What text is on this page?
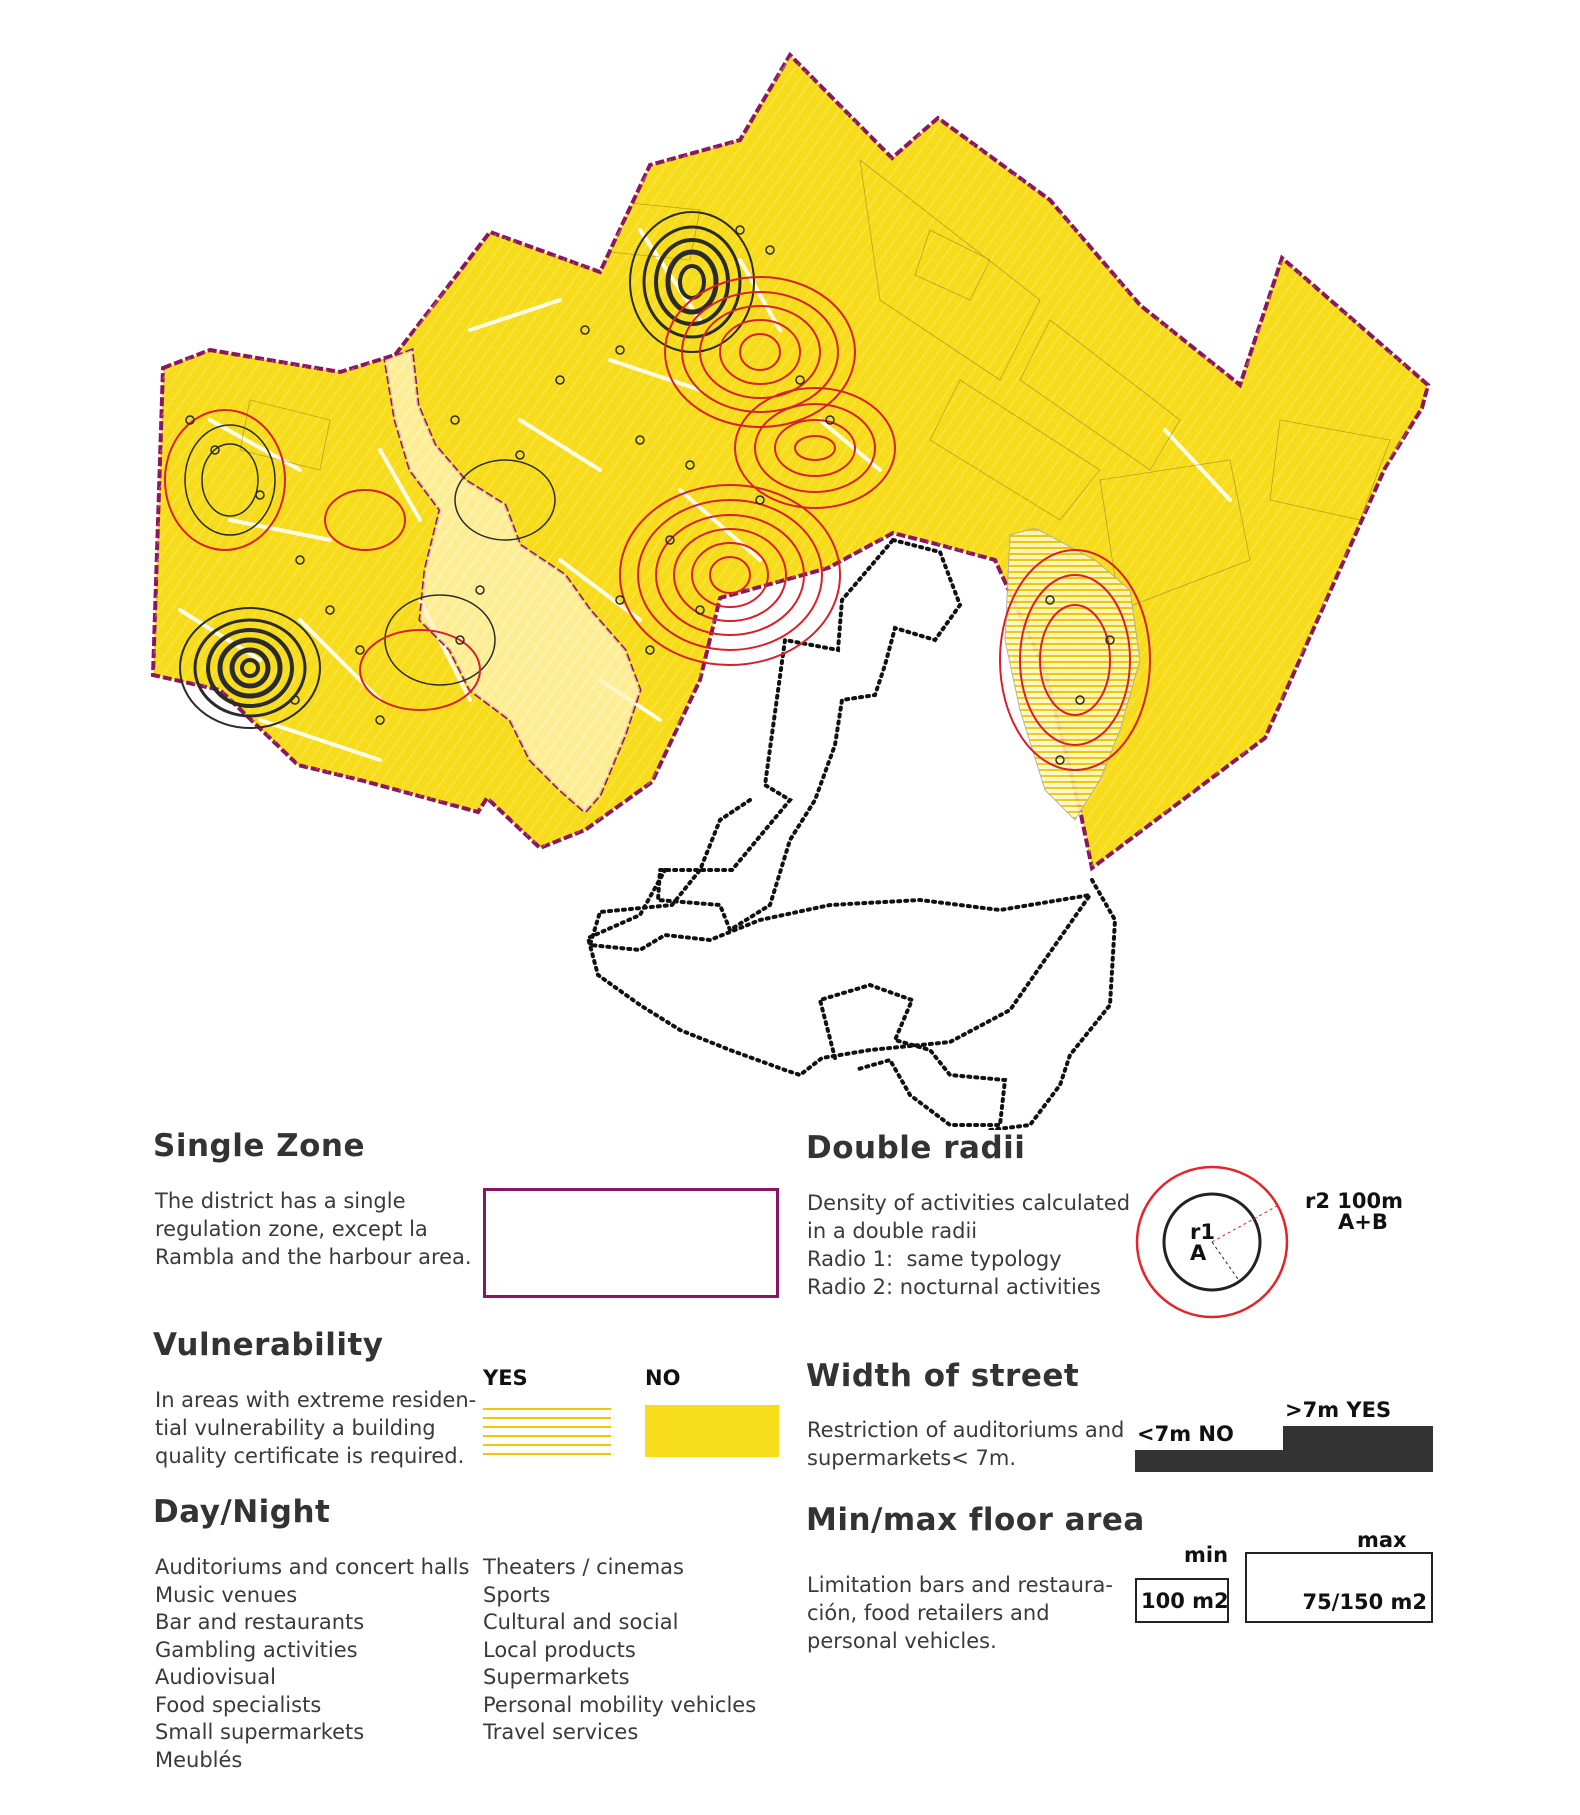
Single Zone

The district has a single
regulation zone, except la
Rambla and the harbour area.

Vulnerability

In areas with extreme residen-
tial vulnerability a building
quality certificate is required.

YES	NO
Day/Night
Auditoriums and concert halls
Music venues
Bar and restaurants
Gambling activities
Audiovisual
Food specialists
Small supermarkets
Meublés
Theaters / cinemas
Sports
Cultural and social
Local products
Supermarkets
Personal mobility vehicles
Travel services
Double radii

Density of activities calculated
in a double radii
Radio 1:  same typology
Radio 2: nocturnal activities

r1
A
r2 100m
A+B
Width of street

Restriction of auditoriums and
supermarkets< 7m.

<7m NO
>7m YES
Min/max floor area

Limitation bars and restaura-
ción, food retailers and
personal vehicles.

min
max
100 m2	75/150 m2
